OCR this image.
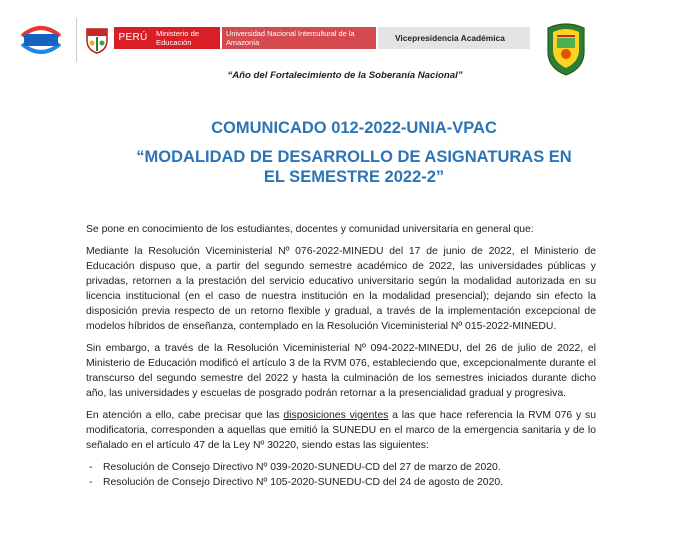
PERÚ	Ministerio de Educación
Universidad Nacional Intercultural de la Amazonía	Vicepresidencia Académica
“Año del Fortalecimiento de la Soberanía Nacional”
COMUNICADO 012-2022-UNIA-VPAC
“MODALIDAD DE DESARROLLO DE ASIGNATURAS EN
EL SEMESTRE 2022-2”

Se pone en conocimiento de los estudiantes, docentes y comunidad universitaria en general que:

Mediante la Resolución Viceministerial Nº 076-2022-MINEDU del 17 de junio de 2022, el Ministerio de Educación dispuso que, a partir del segundo semestre académico de 2022, las universidades públicas y privadas, retornen a la prestación del servicio educativo universitario según la modalidad autorizada en su licencia institucional (en el caso de nuestra institución en la modalidad presencial); dejando sin efecto la disposición previa respecto de un retorno flexible y gradual, a través de la implementación excepcional de modelos híbridos de enseñanza, contemplado en la Resolución Viceministerial Nº 015-2022-MINEDU.

Sin embargo, a través de la Resolución Viceministerial Nº 094-2022-MINEDU, del 26 de julio de 2022, el Ministerio de Educación modificó el artículo 3 de la RVM 076, estableciendo que, excepcionalmente durante el transcurso del segundo semestre del 2022 y hasta la culminación de los semestres iniciados durante dicho año, las universidades y escuelas de posgrado podrán retornar a la presencialidad gradual y progresiva.

En atención a ello, cabe precisar que las disposiciones vigentes a las que hace referencia la RVM 076 y su modificatoria, corresponden a aquellas que emitió la SUNEDU en el marco de la emergencia sanitaria y de lo señalado en el artículo 47 de la Ley Nº 30220, siendo estas las siguientes:

- Resolución de Consejo Directivo Nº 039-2020-SUNEDU-CD del 27 de marzo de 2020.
- Resolución de Consejo Directivo Nº 105-2020-SUNEDU-CD del 24 de agosto de 2020.
